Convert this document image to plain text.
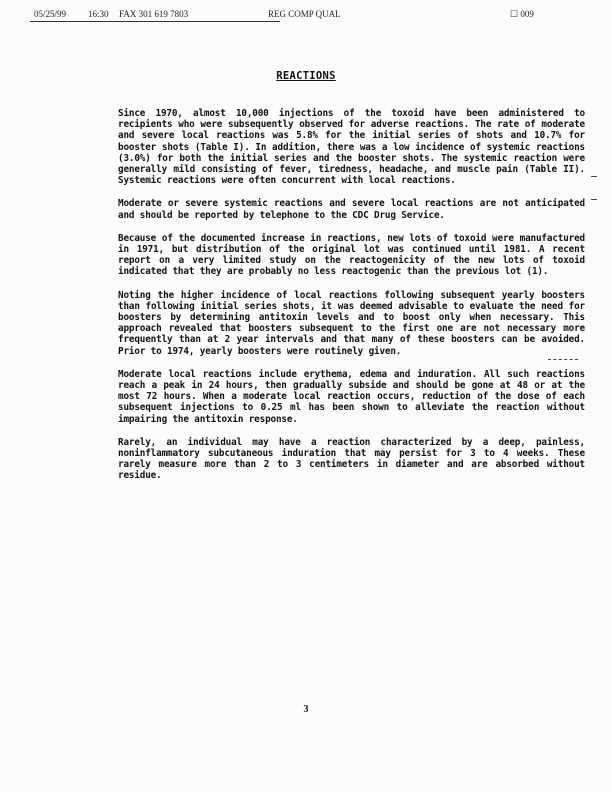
05/25/99 16:30 FAX 301 619 7803	REG COMP QUAL	☐ 009
REACTIONS

Since 1970, almost 10,000 injections of the toxoid have been administered to recipients who were subsequently observed for adverse reactions. The rate of moderate and severe local reactions was 5.8% for the initial series of shots and 10.7% for booster shots (Table I). In addition, there was a low incidence of systemic reactions (3.0%) for both the initial series and the booster shots. The systemic reaction were generally mild consisting of fever, tiredness, headache, and muscle pain (Table II). Systemic reactions were often concurrent with local reactions.

Moderate or severe systemic reactions and severe local reactions are not anticipated and should be reported by telephone to the CDC Drug Service.

Because of the documented increase in reactions, new lots of toxoid were manufactured in 1971, but distribution of the original lot was continued until 1981. A recent report on a very limited study on the reactogenicity of the new lots of toxoid indicated that they are probably no less reactogenic than the previous lot (1).

Noting the higher incidence of local reactions following subsequent yearly boosters than following initial series shots, it was deemed advisable to evaluate the need for boosters by determining antitoxin levels and to boost only when necessary. This approach revealed that boosters subsequent to the first one are not necessary more frequently than at 2 year intervals and that many of these boosters can be avoided. Prior to 1974, yearly boosters were routinely given.

Moderate local reactions include erythema, edema and induration. All such reactions reach a peak in 24 hours, then gradually subside and should be gone at 48 or at the most 72 hours. When a moderate local reaction occurs, reduction of the dose of each subsequent injections to 0.25 ml has been shown to alleviate the reaction without impairing the antitoxin response.

Rarely, an individual may have a reaction characterized by a deep, painless, noninflammatory subcutaneous induration that may persist for 3 to 4 weeks. These rarely measure more than 2 to 3 centimeters in diameter and are absorbed without residue.

3
